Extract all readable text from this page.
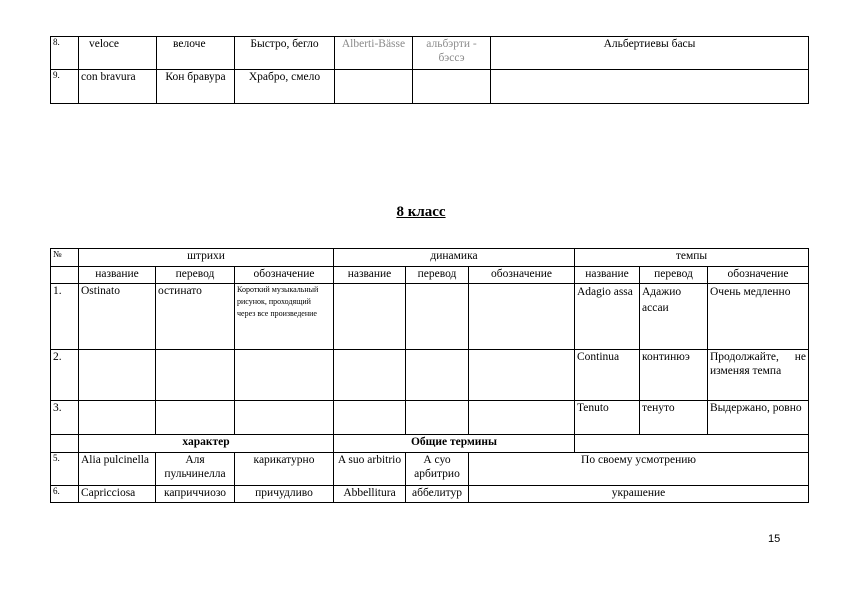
8.	veloce	велоче	Быстро, бегло	Alberti-Bässe	альбэрти - бэссэ	Альбертиевы басы
9.	con bravura	Кон бравура	Храбро, смело			
8 класс
№	штрихи			динамика			темпы		
	название	перевод	обозначение	название	перевод	обозначение	название	перевод	обозначение
1.	Ostinato	остинато	Короткий музыкальный рисунок, проходящий через все произведение				Adagio assa	Адажио ассаи	Очень медленно
2.							Continua	континюэ	Продолжайте, не изменяя темпа
3.							Tenuto	тенуто	Выдержано, ровно
	характер			Общие термины					
5.	Alia pulcinella	Аля пульчинелла	карикатурно	A suo arbitrio	А суо арбитрио	По своему усмотрению			
6.	Capricciosa	каприччиозо	причудливо	Abbellitura	аббелитур	украшение			
15
